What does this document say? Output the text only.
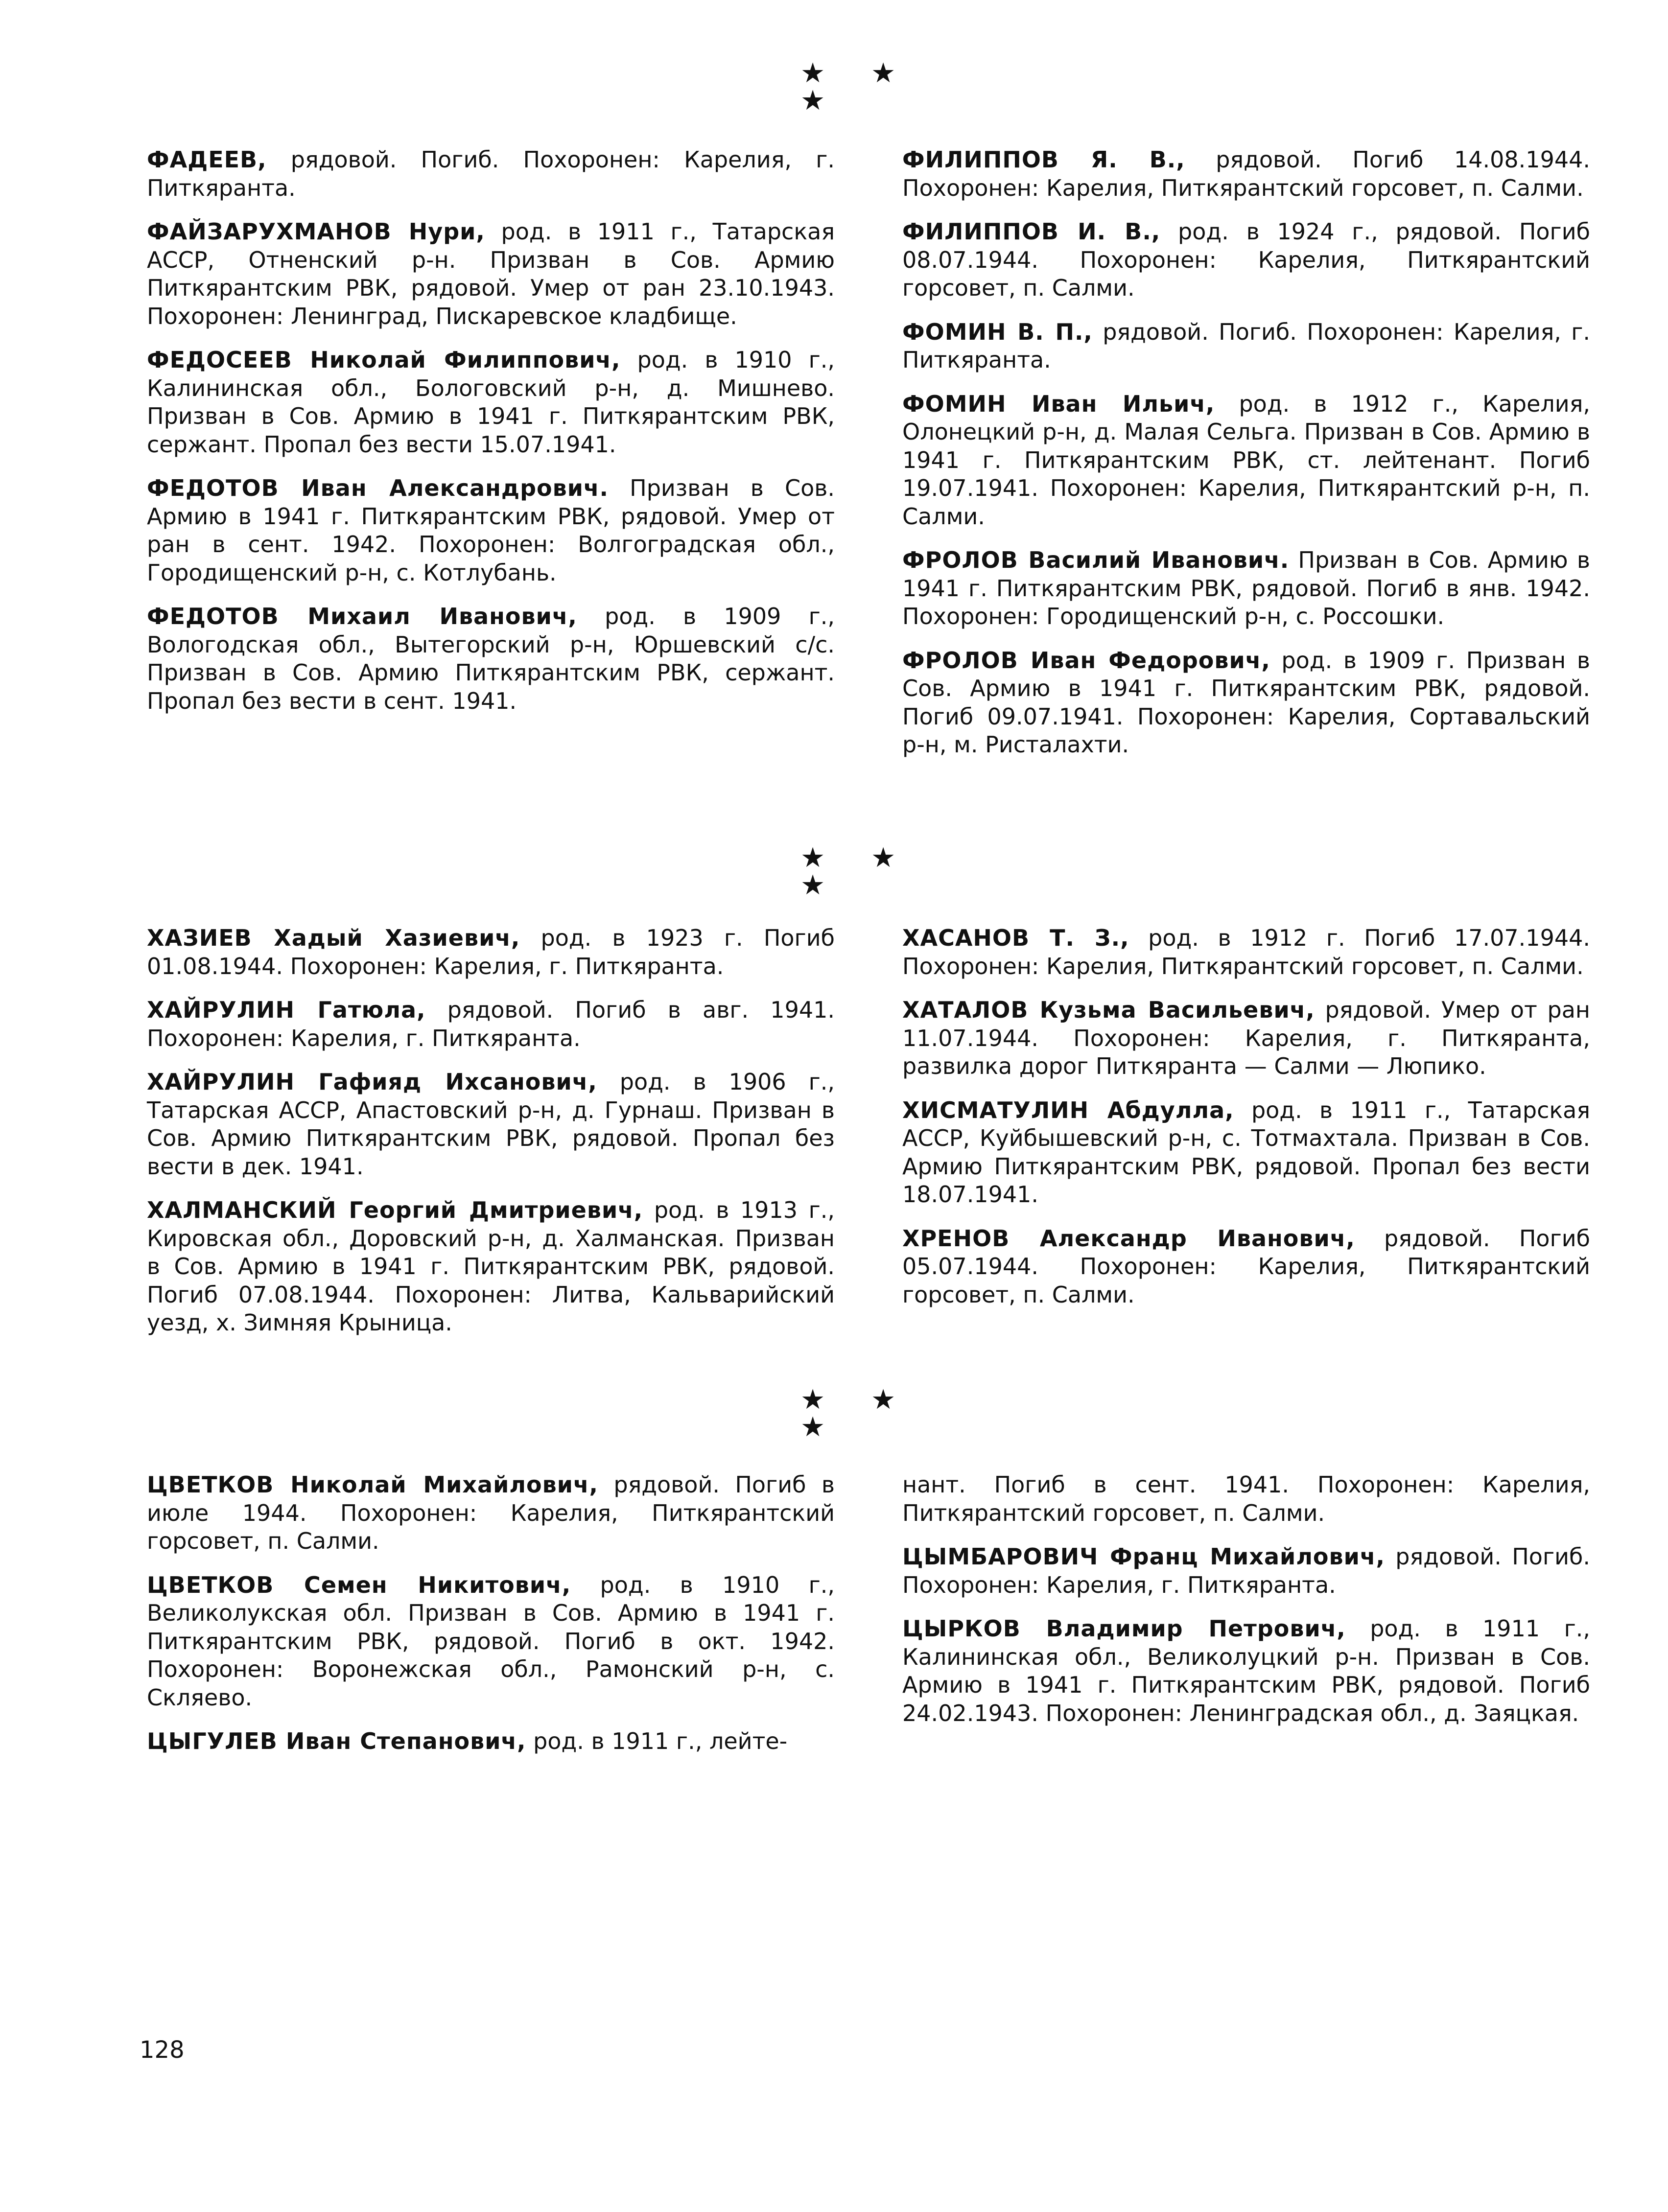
★ ★ ★

ФАДЕЕВ, рядовой. Погиб. Похоронен: Карелия, г. Питкяранта.

ФАЙЗАРУХМАНОВ Нури, род. в 1911 г., Татарская АССР, Отненский р-н. Призван в Сов. Армию Питкярантским РВК, рядовой. Умер от ран 23.10.1943. Похоронен: Ленинград, Пискаревское кладбище.

ФЕДОСЕЕВ Николай Филиппович, род. в 1910 г., Калининская обл., Бологовский р-н, д. Мишнево. Призван в Сов. Армию в 1941 г. Питкярантским РВК, сержант. Пропал без вести 15.07.1941.

ФЕДОТОВ Иван Александрович. Призван в Сов. Армию в 1941 г. Питкярантским РВК, рядовой. Умер от ран в сент. 1942. Похоронен: Волгоградская обл., Городищенский р-н, с. Котлубань.

ФЕДОТОВ Михаил Иванович, род. в 1909 г., Вологодская обл., Вытегорский р-н, Юршевский с/с. Призван в Сов. Армию Питкярантским РВК, сержант. Пропал без вести в сент. 1941.

ФИЛИППОВ Я. В., рядовой. Погиб 14.08.1944. Похоронен: Карелия, Питкярантский горсовет, п. Салми.

ФИЛИППОВ И. В., род. в 1924 г., рядовой. Погиб 08.07.1944. Похоронен: Карелия, Питкярантский горсовет, п. Салми.

ФОМИН В. П., рядовой. Погиб. Похоронен: Карелия, г. Питкяранта.

ФОМИН Иван Ильич, род. в 1912 г., Карелия, Олонецкий р-н, д. Малая Сельга. Призван в Сов. Армию в 1941 г. Питкярантским РВК, ст. лейтенант. Погиб 19.07.1941. Похоронен: Карелия, Питкярантский р-н, п. Салми.

ФРОЛОВ Василий Иванович. Призван в Сов. Армию в 1941 г. Питкярантским РВК, рядовой. Погиб в янв. 1942. Похоронен: Городищенский р-н, с. Россошки.

ФРОЛОВ Иван Федорович, род. в 1909 г. Призван в Сов. Армию в 1941 г. Питкярантским РВК, рядовой. Погиб 09.07.1941. Похоронен: Карелия, Сортавальский р-н, м. Ристалахти.

★ ★ ★

ХАЗИЕВ Хадый Хазиевич, род. в 1923 г. Погиб 01.08.1944. Похоронен: Карелия, г. Питкяранта.

ХАЙРУЛИН Гатюла, рядовой. Погиб в авг. 1941. Похоронен: Карелия, г. Питкяранта.

ХАЙРУЛИН Гафияд Ихсанович, род. в 1906 г., Татарская АССР, Апастовский р-н, д. Гурнаш. Призван в Сов. Армию Питкярантским РВК, рядовой. Пропал без вести в дек. 1941.

ХАЛМАНСКИЙ Георгий Дмитриевич, род. в 1913 г., Кировская обл., Доровский р-н, д. Халманская. Призван в Сов. Армию в 1941 г. Питкярантским РВК, рядовой. Погиб 07.08.1944. Похоронен: Литва, Кальварийский уезд, х. Зимняя Крыница.

ХАСАНОВ Т. З., род. в 1912 г. Погиб 17.07.1944. Похоронен: Карелия, Питкярантский горсовет, п. Салми.

ХАТАЛОВ Кузьма Васильевич, рядовой. Умер от ран 11.07.1944. Похоронен: Карелия, г. Питкяранта, развилка дорог Питкяранта — Салми — Люпико.

ХИСМАТУЛИН Абдулла, род. в 1911 г., Татарская АССР, Куйбышевский р-н, с. Тотмахтала. Призван в Сов. Армию Питкярантским РВК, рядовой. Пропал без вести 18.07.1941.

ХРЕНОВ Александр Иванович, рядовой. Погиб 05.07.1944. Похоронен: Карелия, Питкярантский горсовет, п. Салми.

★ ★ ★

ЦВЕТКОВ Николай Михайлович, рядовой. Погиб в июле 1944. Похоронен: Карелия, Питкярантский горсовет, п. Салми.

ЦВЕТКОВ Семен Никитович, род. в 1910 г., Великолукская обл. Призван в Сов. Армию в 1941 г. Питкярантским РВК, рядовой. Погиб в окт. 1942. Похоронен: Воронежская обл., Рамонский р-н, с. Скляево.

ЦЫГУЛЕВ Иван Степанович, род. в 1911 г., лейте-

нант. Погиб в сент. 1941. Похоронен: Карелия, Питкярантский горсовет, п. Салми.

ЦЫМБАРОВИЧ Франц Михайлович, рядовой. Погиб. Похоронен: Карелия, г. Питкяранта.

ЦЫРКОВ Владимир Петрович, род. в 1911 г., Калининская обл., Великолуцкий р-н. Призван в Сов. Армию в 1941 г. Питкярантским РВК, рядовой. Погиб 24.02.1943. Похоронен: Ленинградская обл., д. Заяцкая.

128
